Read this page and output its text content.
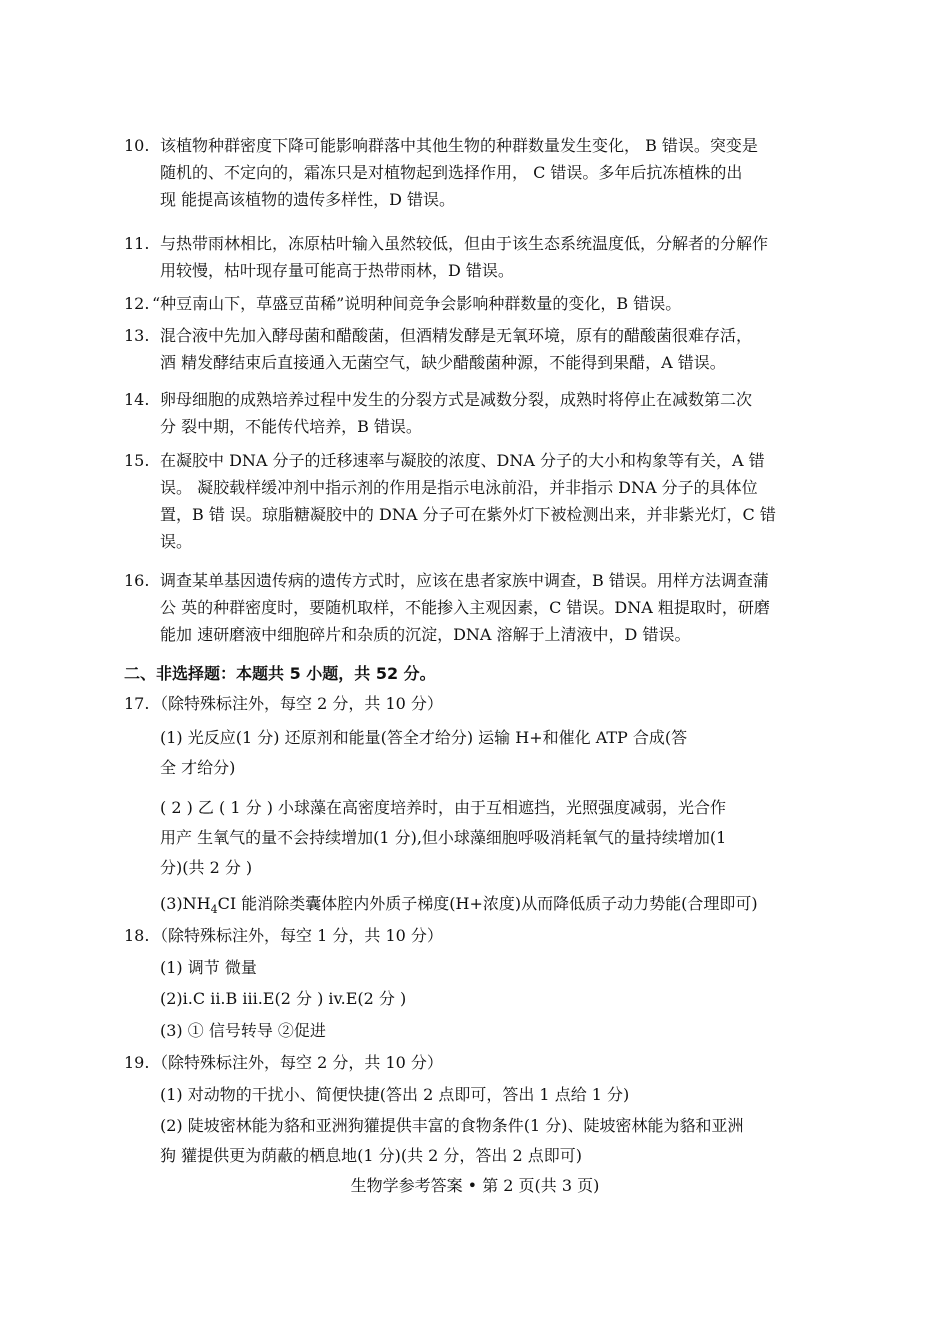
10. 该植物种群密度下降可能影响群落中其他生物的种群数量发生变化， B 错误。突变是
随机的、不定向的，霜冻只是对植物起到选择作用， C 错误。多年后抗冻植株的出
现 能提高该植物的遗传多样性，D 错误。
11. 与热带雨林相比，冻原枯叶输入虽然较低，但由于该生态系统温度低，分解者的分解作
用较慢，枯叶现存量可能高于热带雨林，D 错误。
12. “种豆南山下，草盛豆苗稀”说明种间竞争会影响种群数量的变化，B 错误。
13. 混合液中先加入酵母菌和醋酸菌，但酒精发酵是无氧环境，原有的醋酸菌很难存活，
酒 精发酵结束后直接通入无菌空气，缺少醋酸菌种源，不能得到果醋，A 错误。
14. 卵母细胞的成熟培养过程中发生的分裂方式是减数分裂，成熟时将停止在减数第二次
分 裂中期，不能传代培养，B 错误。
15. 在凝胶中 DNA 分子的迁移速率与凝胶的浓度、DNA 分子的大小和构象等有关，A 错
误。 凝胶载样缓冲剂中指示剂的作用是指示电泳前沿，并非指示 DNA 分子的具体位
置，B 错 误。琼脂糖凝胶中的 DNA 分子可在紫外灯下被检测出来，并非紫光灯，C 错
误。
16. 调查某单基因遗传病的遗传方式时，应该在患者家族中调查，B 错误。用样方法调查蒲
公 英的种群密度时，要随机取样，不能掺入主观因素，C 错误。DNA 粗提取时，研磨
能加 速研磨液中细胞碎片和杂质的沉淀，DNA 溶解于上清液中，D 错误。
二、非选择题：本题共 5 小题，共 52 分。
17. （除特殊标注外，每空 2 分，共 10 分）
(1) 光反应(1 分) 还原剂和能量(答全才给分) 运输 H+和催化 ATP 合成(答
全 才给分)
( 2 ) 乙 ( 1 分 ) 小球藻在高密度培养时，由于互相遮挡，光照强度减弱，光合作
用产 生氧气的量不会持续增加(1 分),但小球藻细胞呼吸消耗氧气的量持续增加(1
分)(共 2 分 )
$(3)NH_4CI$ 能消除类囊体腔内外质子梯度(H+浓度)从而降低质子动力势能(合理即可)
18. （除特殊标注外，每空 1 分，共 10 分）
(1) 调节 微量
(2)i.C ii.B iii.E(2 分 ) iv.E(2 分 )
(3) ① 信号转导 ②促进
19. （除特殊标注外，每空 2 分，共 10 分）
(1) 对动物的干扰小、简便快捷(答出 2 点即可，答出 1 点给 1 分)
(2) 陡坡密林能为貉和亚洲狗獾提供丰富的食物条件(1 分)、陡坡密林能为貉和亚洲
狗 獾提供更为荫蔽的栖息地(1 分)(共 2 分，答出 2 点即可)
生物学参考答案 • 第 2 页(共 3 页)
